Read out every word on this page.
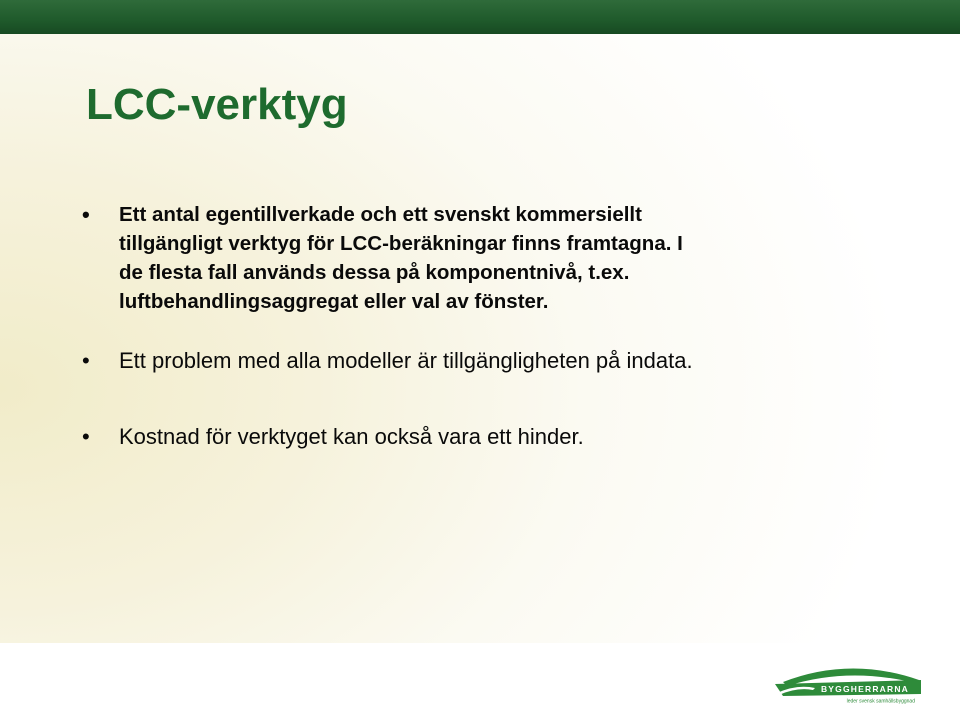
LCC-verktyg
• Ett antal egentillverkade och ett svenskt kommersiellt
tillgängligt verktyg för LCC-beräkningar finns framtagna. I
de flesta fall används dessa på komponentnivå, t.ex.
luftbehandlingsaggregat eller val av fönster.
• Ett problem med alla modeller är tillgängligheten på indata.
• Kostnad för verktyget kan också vara ett hinder.
BYGGHERRARNA
leder svensk samhällsbyggnad
